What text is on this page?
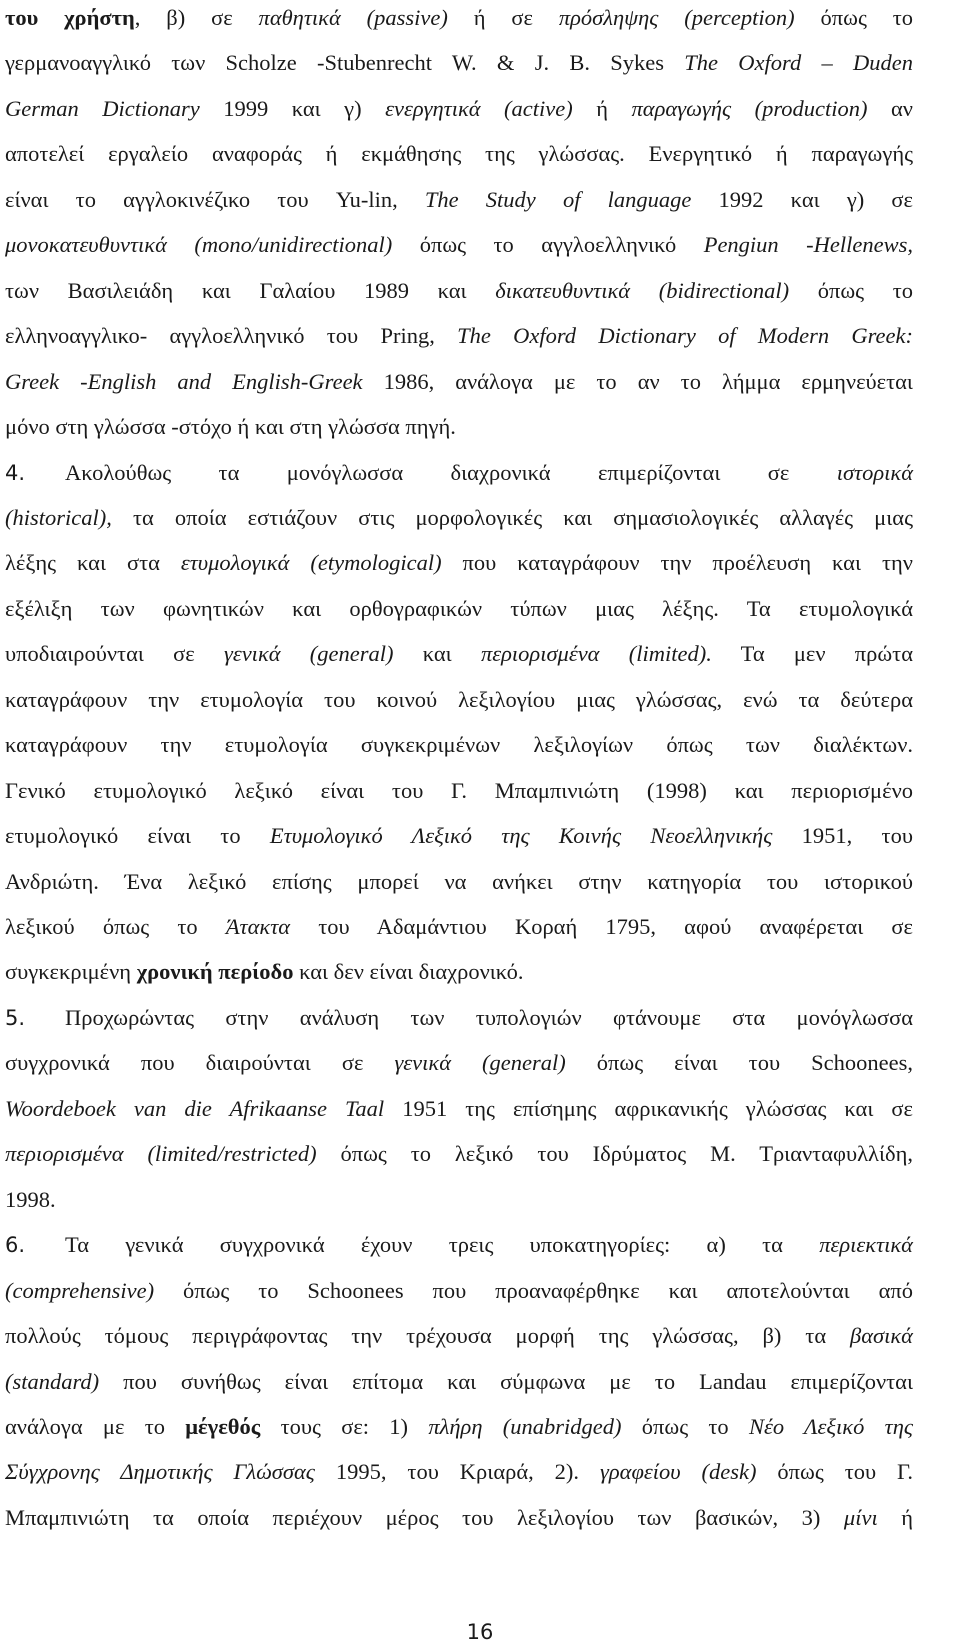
του χρήστη, β) σε παθητικά (passive) ή σε πρόσληψης (perception) όπως το
γερμανοαγγλικό των Scholze -Stubenrecht W. & J. B. Sykes The Oxford – Duden
German Dictionary 1999 και γ) ενεργητικά (active) ή παραγωγής (production) αν
αποτελεί εργαλείο αναφοράς ή εκμάθησης της γλώσσας. Ενεργητικό ή παραγωγής
είναι το αγγλοκινέζικο του Yu-lin, The Study of language 1992 και γ) σε
μονοκατευθυντικά (mono/unidirectional) όπως το αγγλοελληνικό Pengiun -Hellenews,
των Βασιλειάδη και Γαλαίου 1989 και δικατευθυντικά (bidirectional) όπως το
ελληνοαγγλικο- αγγλοελληνικό του Pring, The Oxford Dictionary of Modern Greek:
Greek -English and English-Greek 1986, ανάλογα με το αν το λήμμα ερμηνεύεται
μόνο στη γλώσσα -στόχο ή και στη γλώσσα πηγή.
4. Ακολούθως τα μονόγλωσσα διαχρονικά επιμερίζονται σε ιστορικά
(historical), τα οποία εστιάζουν στις μορφολογικές και σημασιολογικές αλλαγές μιας
λέξης και στα ετυμολογικά (etymological) που καταγράφουν την προέλευση και την
εξέλιξη των φωνητικών και ορθογραφικών τύπων μιας λέξης. Τα ετυμολογικά
υποδιαιρούνται σε γενικά (general) και περιορισμένα (limited). Τα μεν πρώτα
καταγράφουν την ετυμολογία του κοινού λεξιλογίου μιας γλώσσας, ενώ τα δεύτερα
καταγράφουν την ετυμολογία συγκεκριμένων λεξιλογίων όπως των διαλέκτων.
Γενικό ετυμολογικό λεξικό είναι του Γ. Μπαμπινιώτη (1998) και περιορισμένο
ετυμολογικό είναι το Ετυμολογικό Λεξικό της Κοινής Νεοελληνικής 1951, του
Ανδριώτη. Ένα λεξικό επίσης μπορεί να ανήκει στην κατηγορία του ιστορικού
λεξικού όπως το Άτακτα του Αδαμάντιου Κοραή 1795, αφού αναφέρεται σε
συγκεκριμένη χρονική περίοδο και δεν είναι διαχρονικό.
5. Προχωρώντας στην ανάλυση των τυπολογιών φτάνουμε στα μονόγλωσσα
συγχρονικά που διαιρούνται σε γενικά (general) όπως είναι του Schoonees,
Woordeboek van die Afrikaanse Taal 1951 της επίσημης αφρικανικής γλώσσας και σε
περιορισμένα (limited/restricted) όπως το λεξικό του Ιδρύματος Μ. Τριανταφυλλίδη,
1998.
6. Τα γενικά συγχρονικά έχουν τρεις υποκατηγορίες: α) τα περιεκτικά
(comprehensive) όπως το Schoonees που προαναφέρθηκε και αποτελούνται από
πολλούς τόμους περιγράφοντας την τρέχουσα μορφή της γλώσσας, β) τα βασικά
(standard) που συνήθως είναι επίτομα και σύμφωνα με το Landau επιμερίζονται
ανάλογα με το μέγεθός τους σε: 1) πλήρη (unabridged) όπως το Νέο Λεξικό της
Σύγχρονης Δημοτικής Γλώσσας 1995, του Κριαρά, 2). γραφείου (desk) όπως του Γ.
Μπαμπινιώτη τα οποία περιέχουν μέρος του λεξιλογίου των βασικών, 3) μίνι ή
16
